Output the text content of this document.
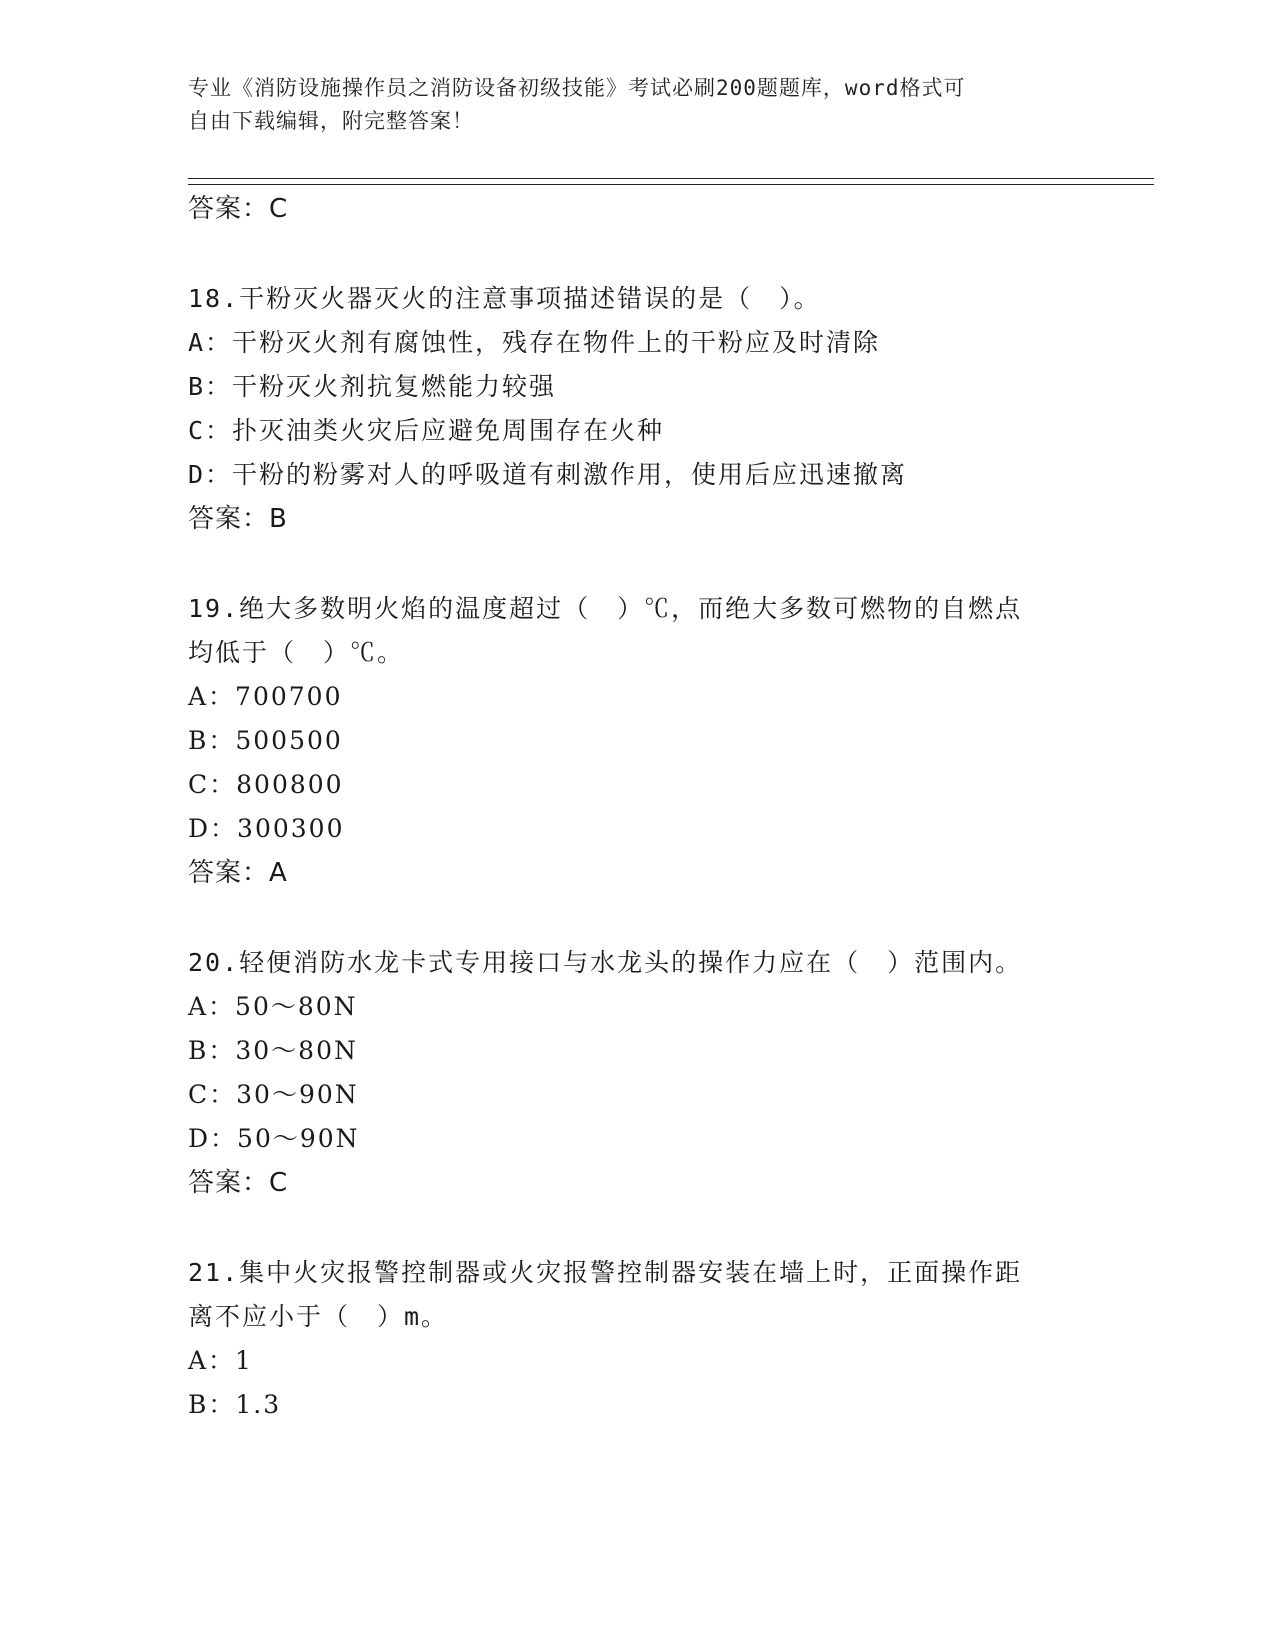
专业《消防设施操作员之消防设备初级技能》考试必刷200题题库，word格式可
自由下载编辑，附完整答案！
答案：C
18.干粉灭火器灭火的注意事项描述错误的是（　）。
A：干粉灭火剂有腐蚀性，残存在物件上的干粉应及时清除
B：干粉灭火剂抗复燃能力较强
C：扑灭油类火灾后应避免周围存在火种
D：干粉的粉雾对人的呼吸道有刺激作用，使用后应迅速撤离
答案：B
19.绝大多数明火焰的温度超过（　）℃，而绝大多数可燃物的自燃点
均低于（　）℃。
A：700700
B：500500
C：800800
D：300300
答案：A
20.轻便消防水龙卡式专用接口与水龙头的操作力应在（　）范围内。
A：50～80N
B：30～80N
C：30～90N
D：50～90N
答案：C
21.集中火灾报警控制器或火灾报警控制器安装在墙上时，正面操作距
离不应小于（　）m。
A：1
B：1.3
